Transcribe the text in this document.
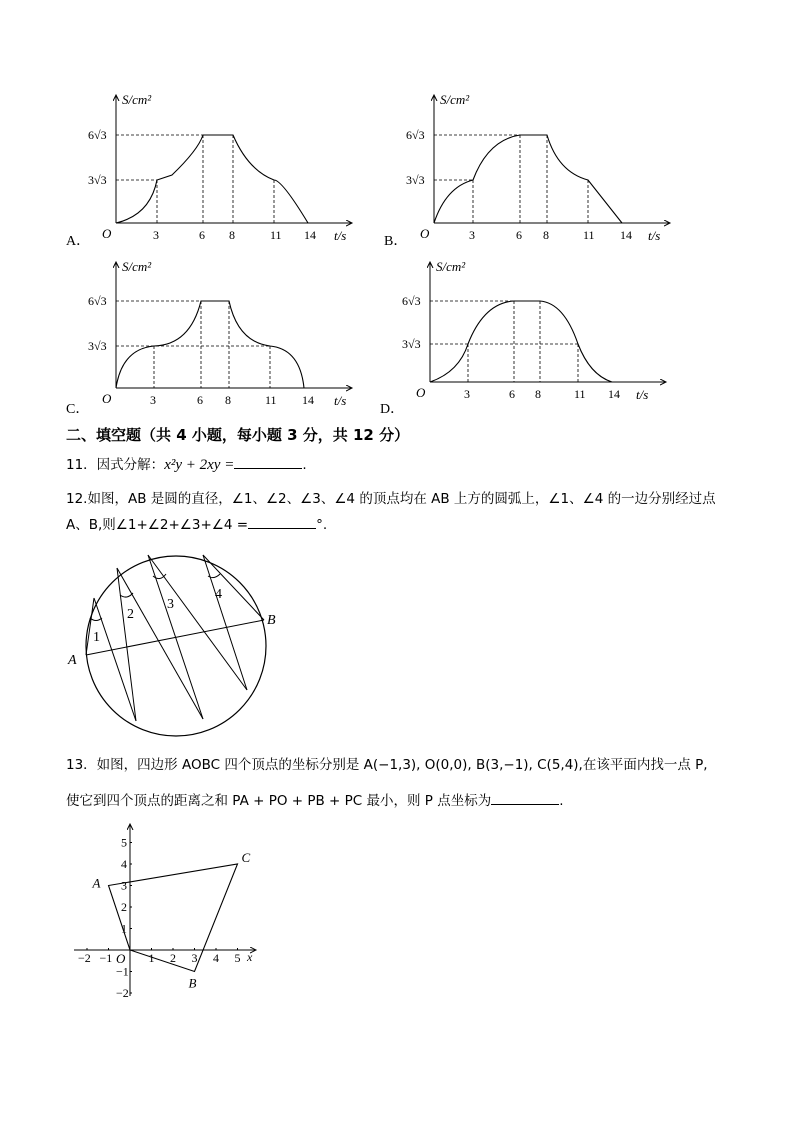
S/cm²
O	t/s
6√3
3√3
3	6 8	11 14
A．
S/cm²
O	t/s
6√3
3√3
3	6 8	11 14
B．
S/cm²
O	t/s
6√3
3√3
3	6 8	11 14
C．
S/cm²
O	t/s
6√3
3√3
3	6 8	11 14
D．
二、填空题（共 4 小题，每小题 3 分，共 12 分）
11．因式分解：x²y + 2xy =	.
12.如图，AB 是圆的直径，∠1、∠2、∠3、∠4 的顶点均在 AB 上方的圆弧上，∠1、∠4 的一边分别经过点
A、B,则∠1+∠2+∠3+∠4 =	°.
1
2
3
4
A
B
13．如图，四边形 AOBC 四个顶点的坐标分别是 A(−1,3), O(0,0), B(3,−1), C(5,4),在该平面内找一点 P,
使它到四个顶点的距离之和 PA + PO + PB + PC 最小，则 P 点坐标为	.
−2 −1	1 2 3 4 5
5
4
3
2
1
−1
−2
x
O
A
B
C
